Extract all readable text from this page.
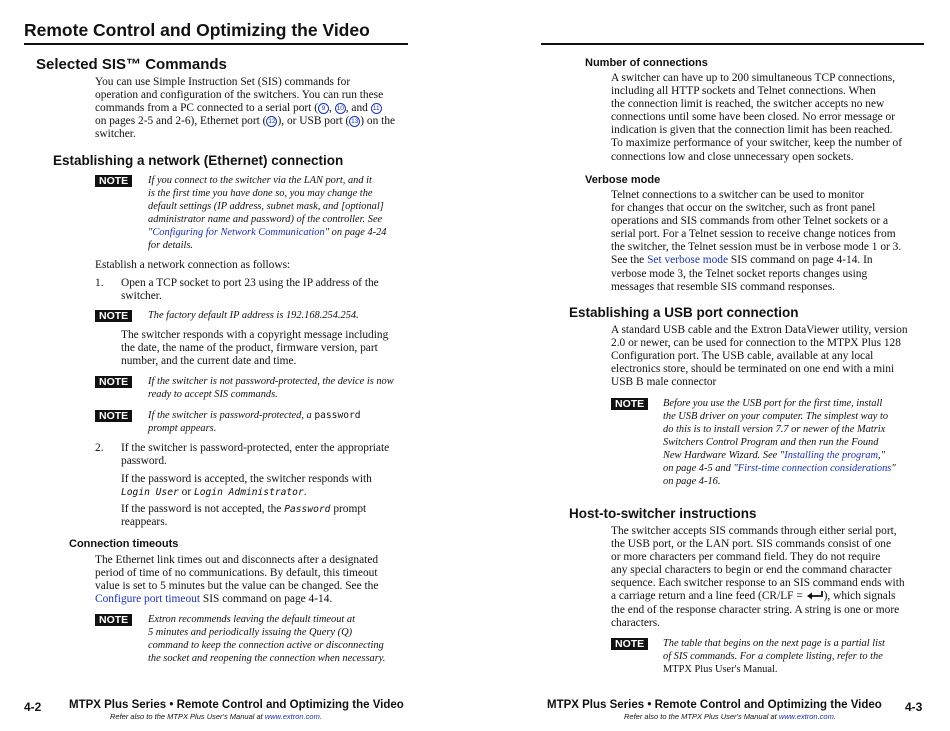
Remote Control and Optimizing the Video
Selected SIS™ Commands
You can use Simple Instruction Set (SIS) commands for
operation and configuration of the switchers. You can run these
commands from a PC connected to a serial port ( 9 , 10 , and 11
on pages 2-5 and 2-6), Ethernet port ( 12 ), or USB port ( 13 ) on the
switcher.
Establishing a network (Ethernet) connection
NOTE	If you connect to the switcher via the LAN port, and it
is the first time you have done so, you may change the
default settings (IP address, subnet mask, and [optional]
administrator name and password) of the controller. See
"Configuring for Network Communication" on page 4-24
for details.
Establish a network connection as follows:
1. Open a TCP socket to port 23 using the IP address of the
switcher.
NOTE	The factory default IP address is 192.168.254.254.
The switcher responds with a copyright message including
the date, the name of the product, firmware version, part
number, and the current date and time.
NOTE	If the switcher is not password-protected, the device is now
ready to accept SIS commands.
NOTE	If the switcher is password-protected, a password
prompt appears.
2. If the switcher is password-protected, enter the appropriate
password.
If the password is accepted, the switcher responds with
Login User or Login Administrator.
If the password is not accepted, the Password prompt
reappears.
Connection timeouts
The Ethernet link times out and disconnects after a designated
period of time of no communications. By default, this timeout
value is set to 5 minutes but the value can be changed. See the
Configure port timeout SIS command on page 4-14.
NOTE	Extron recommends leaving the default timeout at
5 minutes and periodically issuing the Query (Q)
command to keep the connection active or disconnecting
the socket and reopening the connection when necessary.
4-2 MTPX Plus Series • Remote Control and Optimizing the Video
Refer also to the MTPX Plus User's Manual at www.extron.com.
Number of connections
A switcher can have up to 200 simultaneous TCP connections,
including all HTTP sockets and Telnet connections. When
the connection limit is reached, the switcher accepts no new
connections until some have been closed. No error message or
indication is given that the connection limit has been reached.
To maximize performance of your switcher, keep the number of
connections low and close unnecessary open sockets.
Verbose mode
Telnet connections to a switcher can be used to monitor
for changes that occur on the switcher, such as front panel
operations and SIS commands from other Telnet sockets or a
serial port. For a Telnet session to receive change notices from
the switcher, the Telnet session must be in verbose mode 1 or 3.
See the Set verbose mode SIS command on page 4-14. In
verbose mode 3, the Telnet socket reports changes using
messages that resemble SIS command responses.
Establishing a USB port connection
A standard USB cable and the Extron DataViewer utility, version
2.0 or newer, can be used for connection to the MTPX Plus 128
Configuration port. The USB cable, available at any local
electronics store, should be terminated on one end with a mini
USB B male connector
NOTE	Before you use the USB port for the first time, install
the USB driver on your computer. The simplest way to
do this is to install version 7.7 or newer of the Matrix
Switchers Control Program and then run the Found
New Hardware Wizard. See "Installing the program,"
on page 4-5 and "First-time connection considerations"
on page 4-16.
Host-to-switcher instructions
The switcher accepts SIS commands through either serial port,
the USB port, or the LAN port. SIS commands consist of one
or more characters per command field. They do not require
any special characters to begin or end the command character
sequence. Each switcher response to an SIS command ends with
a carriage return and a line feed (CR/LF = ), which signals
the end of the response character string. A string is one or more
characters.
NOTE	The table that begins on the next page is a partial list
of SIS commands. For a complete listing, refer to the
MTPX Plus User's Manual.
MTPX Plus Series • Remote Control and Optimizing the Video 4-3
Refer also to the MTPX Plus User's Manual at www.extron.com.
